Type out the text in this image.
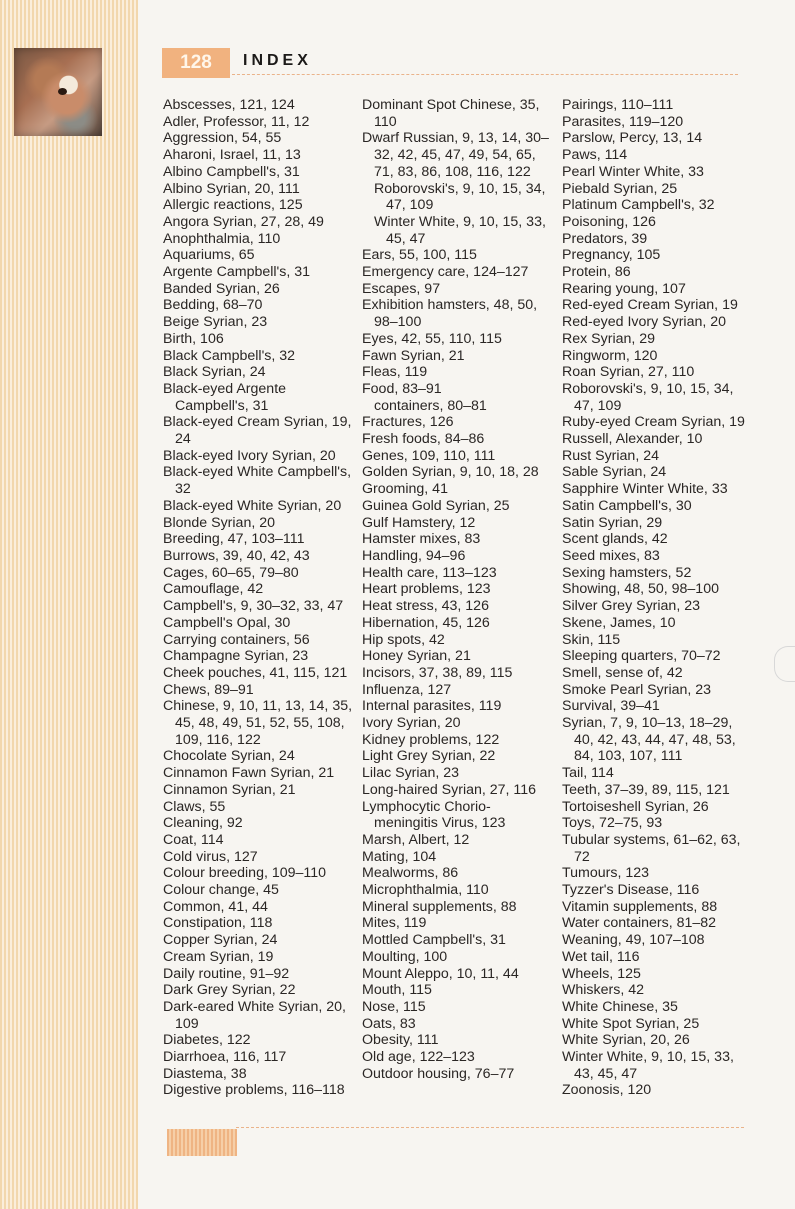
128	INDEX
Abscesses, 121, 124
Adler, Professor, 11, 12
Aggression, 54, 55
Aharoni, Israel, 11, 13
Albino Campbell's, 31
Albino Syrian, 20, 111
Allergic reactions, 125
Angora Syrian, 27, 28, 49
Anophthalmia, 110
Aquariums, 65
Argente Campbell's, 31
Banded Syrian, 26
Bedding, 68–70
Beige Syrian, 23
Birth, 106
Black Campbell's, 32
Black Syrian, 24
Black-eyed Argente Campbell's, 31
Black-eyed Cream Syrian, 19, 24
Black-eyed Ivory Syrian, 20
Black-eyed White Campbell's, 32
Black-eyed White Syrian, 20
Blonde Syrian, 20
Breeding, 47, 103–111
Burrows, 39, 40, 42, 43
Cages, 60–65, 79–80
Camouflage, 42
Campbell's, 9, 30–32, 33, 47
Campbell's Opal, 30
Carrying containers, 56
Champagne Syrian, 23
Cheek pouches, 41, 115, 121
Chews, 89–91
Chinese, 9, 10, 11, 13, 14, 35, 45, 48, 49, 51, 52, 55, 108, 109, 116, 122
Chocolate Syrian, 24
Cinnamon Fawn Syrian, 21
Cinnamon Syrian, 21
Claws, 55
Cleaning, 92
Coat, 114
Cold virus, 127
Colour breeding, 109–110
Colour change, 45
Common, 41, 44
Constipation, 118
Copper Syrian, 24
Cream Syrian, 19
Daily routine, 91–92
Dark Grey Syrian, 22
Dark-eared White Syrian, 20, 109
Diabetes, 122
Diarrhoea, 116, 117
Diastema, 38
Digestive problems, 116–118
Dominant Spot Chinese, 35, 110
Dwarf Russian, 9, 13, 14, 30–32, 42, 45, 47, 49, 54, 65, 71, 83, 86, 108, 116, 122
Roborovski's, 9, 10, 15, 34, 47, 109
Winter White, 9, 10, 15, 33, 45, 47
Ears, 55, 100, 115
Emergency care, 124–127
Escapes, 97
Exhibition hamsters, 48, 50, 98–100
Eyes, 42, 55, 110, 115
Fawn Syrian, 21
Fleas, 119
Food, 83–91
containers, 80–81
Fractures, 126
Fresh foods, 84–86
Genes, 109, 110, 111
Golden Syrian, 9, 10, 18, 28
Grooming, 41
Guinea Gold Syrian, 25
Gulf Hamstery, 12
Hamster mixes, 83
Handling, 94–96
Health care, 113–123
Heart problems, 123
Heat stress, 43, 126
Hibernation, 45, 126
Hip spots, 42
Honey Syrian, 21
Incisors, 37, 38, 89, 115
Influenza, 127
Internal parasites, 119
Ivory Syrian, 20
Kidney problems, 122
Light Grey Syrian, 22
Lilac Syrian, 23
Long-haired Syrian, 27, 116
Lymphocytic Chorio- meningitis Virus, 123
Marsh, Albert, 12
Mating, 104
Mealworms, 86
Microphthalmia, 110
Mineral supplements, 88
Mites, 119
Mottled Campbell's, 31
Moulting, 100
Mount Aleppo, 10, 11, 44
Mouth, 115
Nose, 115
Oats, 83
Obesity, 111
Old age, 122–123
Outdoor housing, 76–77
Pairings, 110–111
Parasites, 119–120
Parslow, Percy, 13, 14
Paws, 114
Pearl Winter White, 33
Piebald Syrian, 25
Platinum Campbell's, 32
Poisoning, 126
Predators, 39
Pregnancy, 105
Protein, 86
Rearing young, 107
Red-eyed Cream Syrian, 19
Red-eyed Ivory Syrian, 20
Rex Syrian, 29
Ringworm, 120
Roan Syrian, 27, 110
Roborovski's, 9, 10, 15, 34, 47, 109
Ruby-eyed Cream Syrian, 19
Russell, Alexander, 10
Rust Syrian, 24
Sable Syrian, 24
Sapphire Winter White, 33
Satin Campbell's, 30
Satin Syrian, 29
Scent glands, 42
Seed mixes, 83
Sexing hamsters, 52
Showing, 48, 50, 98–100
Silver Grey Syrian, 23
Skene, James, 10
Skin, 115
Sleeping quarters, 70–72
Smell, sense of, 42
Smoke Pearl Syrian, 23
Survival, 39–41
Syrian, 7, 9, 10–13, 18–29, 40, 42, 43, 44, 47, 48, 53, 84, 103, 107, 111
Tail, 114
Teeth, 37–39, 89, 115, 121
Tortoiseshell Syrian, 26
Toys, 72–75, 93
Tubular systems, 61–62, 63, 72
Tumours, 123
Tyzzer's Disease, 116
Vitamin supplements, 88
Water containers, 81–82
Weaning, 49, 107–108
Wet tail, 116
Wheels, 125
Whiskers, 42
White Chinese, 35
White Spot Syrian, 25
White Syrian, 20, 26
Winter White, 9, 10, 15, 33, 43, 45, 47
Zoonosis, 120
